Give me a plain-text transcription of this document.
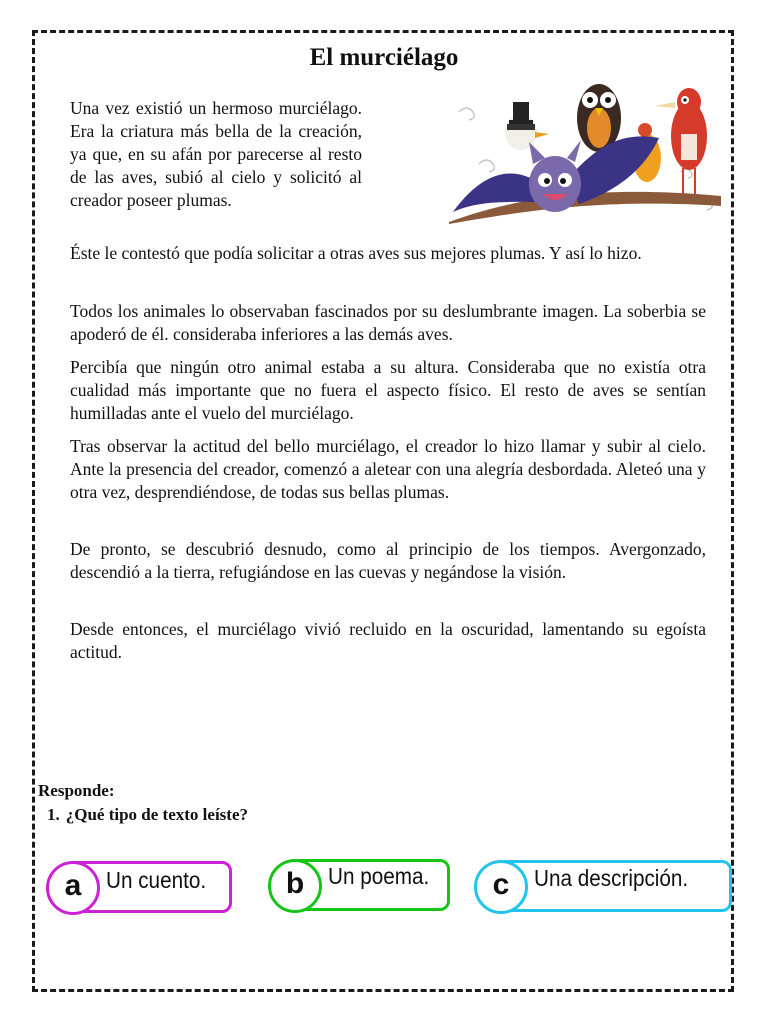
El murciélago

Una vez existió un hermoso murciélago. Era la criatura más bella de la creación, ya que, en su afán por parecerse al resto de las aves, subió al cielo y solicitó al creador poseer plumas.

Éste le contestó que podía solicitar a otras aves sus mejores plumas. Y así lo hizo.

Todos los animales lo observaban fascinados por su deslumbrante imagen. La soberbia se apoderó de él. consideraba inferiores a las demás aves.

Percibía que ningún otro animal estaba a su altura. Consideraba que no existía otra cualidad más importante que no fuera el aspecto físico. El resto de aves se sentían humilladas ante el vuelo del murciélago.

Tras observar la actitud del bello murciélago, el creador lo hizo llamar y subir al cielo. Ante la presencia del creador, comenzó a aletear con una alegría desbordada. Aleteó una y otra vez, desprendiéndose, de todas sus bellas plumas.

De pronto, se descubrió desnudo, como al principio de los tiempos. Avergonzado, descendió a la tierra, refugiándose en las cuevas y negándose la visión.

Desde entonces, el murciélago vivió recluido en la oscuridad, lamentando su egoísta actitud.

Responde:

1. ¿Qué tipo de texto leíste?

a	Un cuento.	b	Un poema.	c	Una descripción.
